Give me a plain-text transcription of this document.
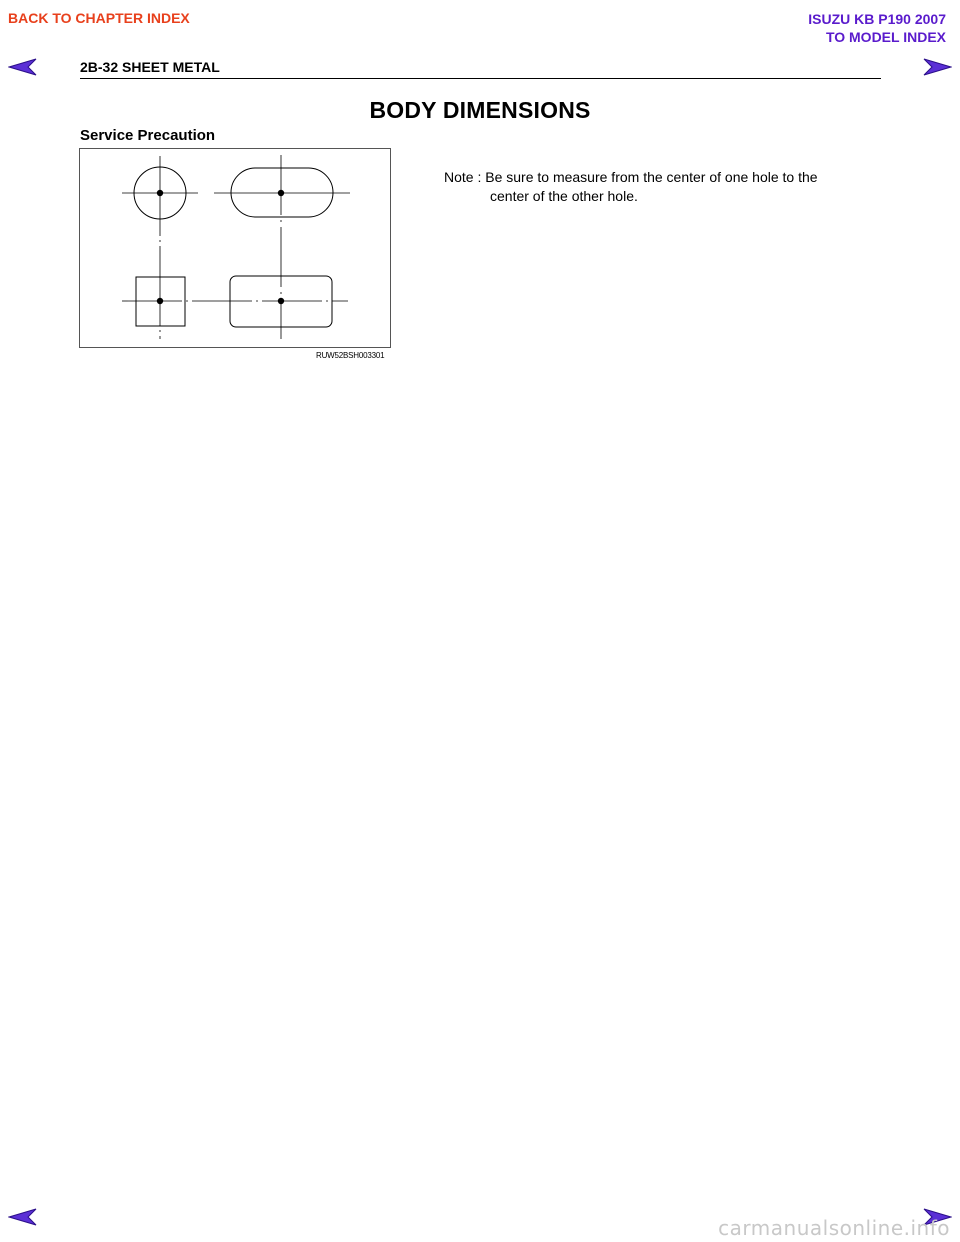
BACK TO CHAPTER INDEX	ISUZU KB P190 2007
TO MODEL INDEX
2B-32 SHEET METAL
BODY DIMENSIONS
Service Precaution
RUW52BSH003301
Note : Be sure to measure from the center of one hole to the
center of the other hole.
carmanualsonline.info
